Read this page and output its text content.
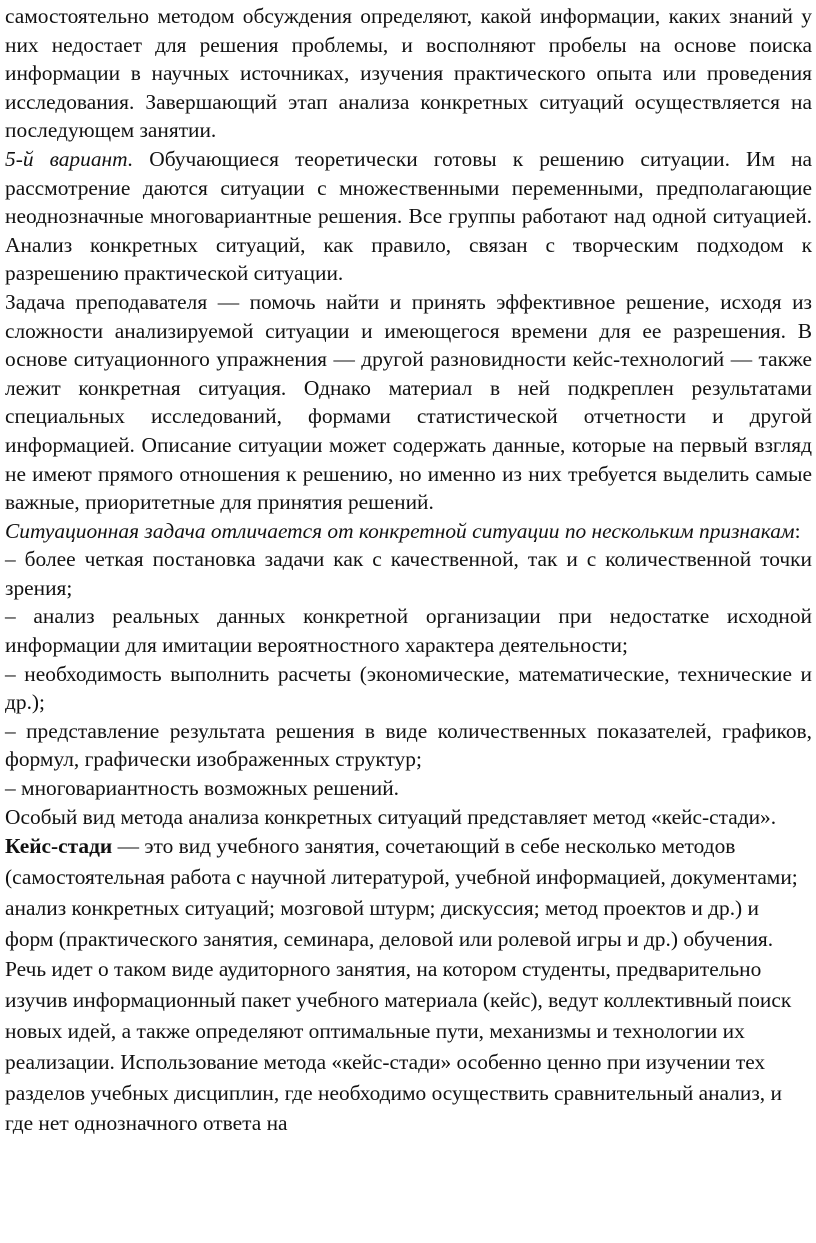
самостоятельно методом обсуждения определяют, какой информации, каких знаний у них недостает для решения проблемы, и восполняют пробелы на основе поиска информации в научных источниках, изучения практического опыта или проведения исследования. Завершающий этап анализа конкретных ситуаций осуществляется на последующем занятии.

5-й вариант. Обучающиеся теоретически готовы к решению ситуации. Им на рассмотрение даются ситуации с множественными переменными, предполагающие неоднозначные многовариантные решения. Все группы работают над одной ситуацией. Анализ конкретных ситуаций, как правило, связан с творческим подходом к разрешению практической ситуации.

Задача преподавателя — помочь найти и принять эффективное решение, исходя из сложности анализируемой ситуации и имеющегося времени для ее разрешения. В основе ситуационного упражнения — другой разновидности кейс-технологий — также лежит конкретная ситуация. Однако материал в ней подкреплен результатами специальных исследований, формами статистической отчетности и другой информацией. Описание ситуации может содержать данные, которые на первый взгляд не имеют прямого отношения к решению, но именно из них требуется выделить самые важные, приоритетные для принятия решений.

Ситуационная задача отличается от конкретной ситуации по нескольким признакам:

– более четкая постановка задачи как с качественной, так и с количественной точки зрения;

– анализ реальных данных конкретной организации при недостатке исходной информации для имитации вероятностного характера деятельности;

– необходимость выполнить расчеты (экономические, математические, технические и др.);

– представление результата решения в виде количественных показателей, графиков, формул, графически изображенных структур;

– многовариантность возможных решений.

Особый вид метода анализа конкретных ситуаций представляет метод «кейс-стади».

Кейс-стади — это вид учебного занятия, сочетающий в себе несколько методов (самостоятельная работа с научной литературой, учебной информацией, документами; анализ конкретных ситуаций; мозговой штурм; дискуссия; метод проектов и др.) и форм (практического занятия, семинара, деловой или ролевой игры и др.) обучения. Речь идет о таком виде аудиторного занятия, на котором студенты, предварительно изучив информационный пакет учебного материала (кейс), ведут коллективный поиск новых идей, а также определяют оптимальные пути, механизмы и технологии их реализации. Использование метода «кейс-стади» особенно ценно при изучении тех разделов учебных дисциплин, где необходимо осуществить сравнительный анализ, и где нет однозначного ответа на
